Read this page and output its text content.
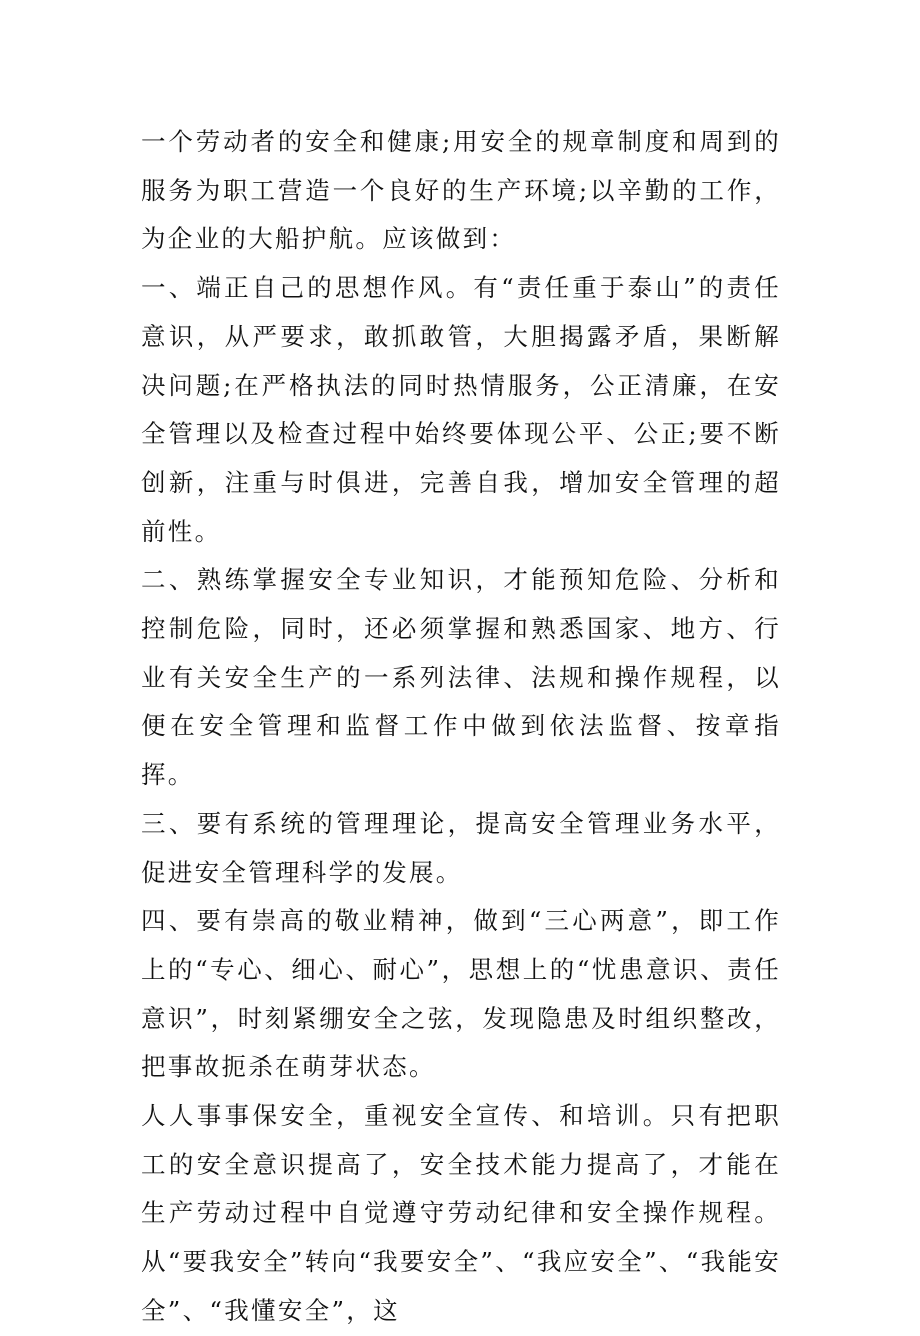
一个劳动者的安全和健康;用安全的规章制度和周到的服务为职工营造一个良好的生产环境;以辛勤的工作，为企业的大船护航。应该做到：

一、端正自己的思想作风。有“责任重于泰山”的责任意识，从严要求，敢抓敢管，大胆揭露矛盾，果断解决问题;在严格执法的同时热情服务，公正清廉，在安全管理以及检查过程中始终要体现公平、公正;要不断创新，注重与时俱进，完善自我，增加安全管理的超前性。

二、熟练掌握安全专业知识，才能预知危险、分析和控制危险，同时，还必须掌握和熟悉国家、地方、行业有关安全生产的一系列法律、法规和操作规程，以便在安全管理和监督工作中做到依法监督、按章指挥。

三、要有系统的管理理论，提高安全管理业务水平，促进安全管理科学的发展。

四、要有崇高的敬业精神，做到“三心两意”，即工作上的“专心、细心、耐心”，思想上的“忧患意识、责任意识”，时刻紧绷安全之弦，发现隐患及时组织整改，把事故扼杀在萌芽状态。

人人事事保安全，重视安全宣传、和培训。只有把职工的安全意识提高了，安全技术能力提高了，才能在生产劳动过程中自觉遵守劳动纪律和安全操作规程。从“要我安全”转向“我要安全”、“我应安全”、“我能安全”、“我懂安全”，这
